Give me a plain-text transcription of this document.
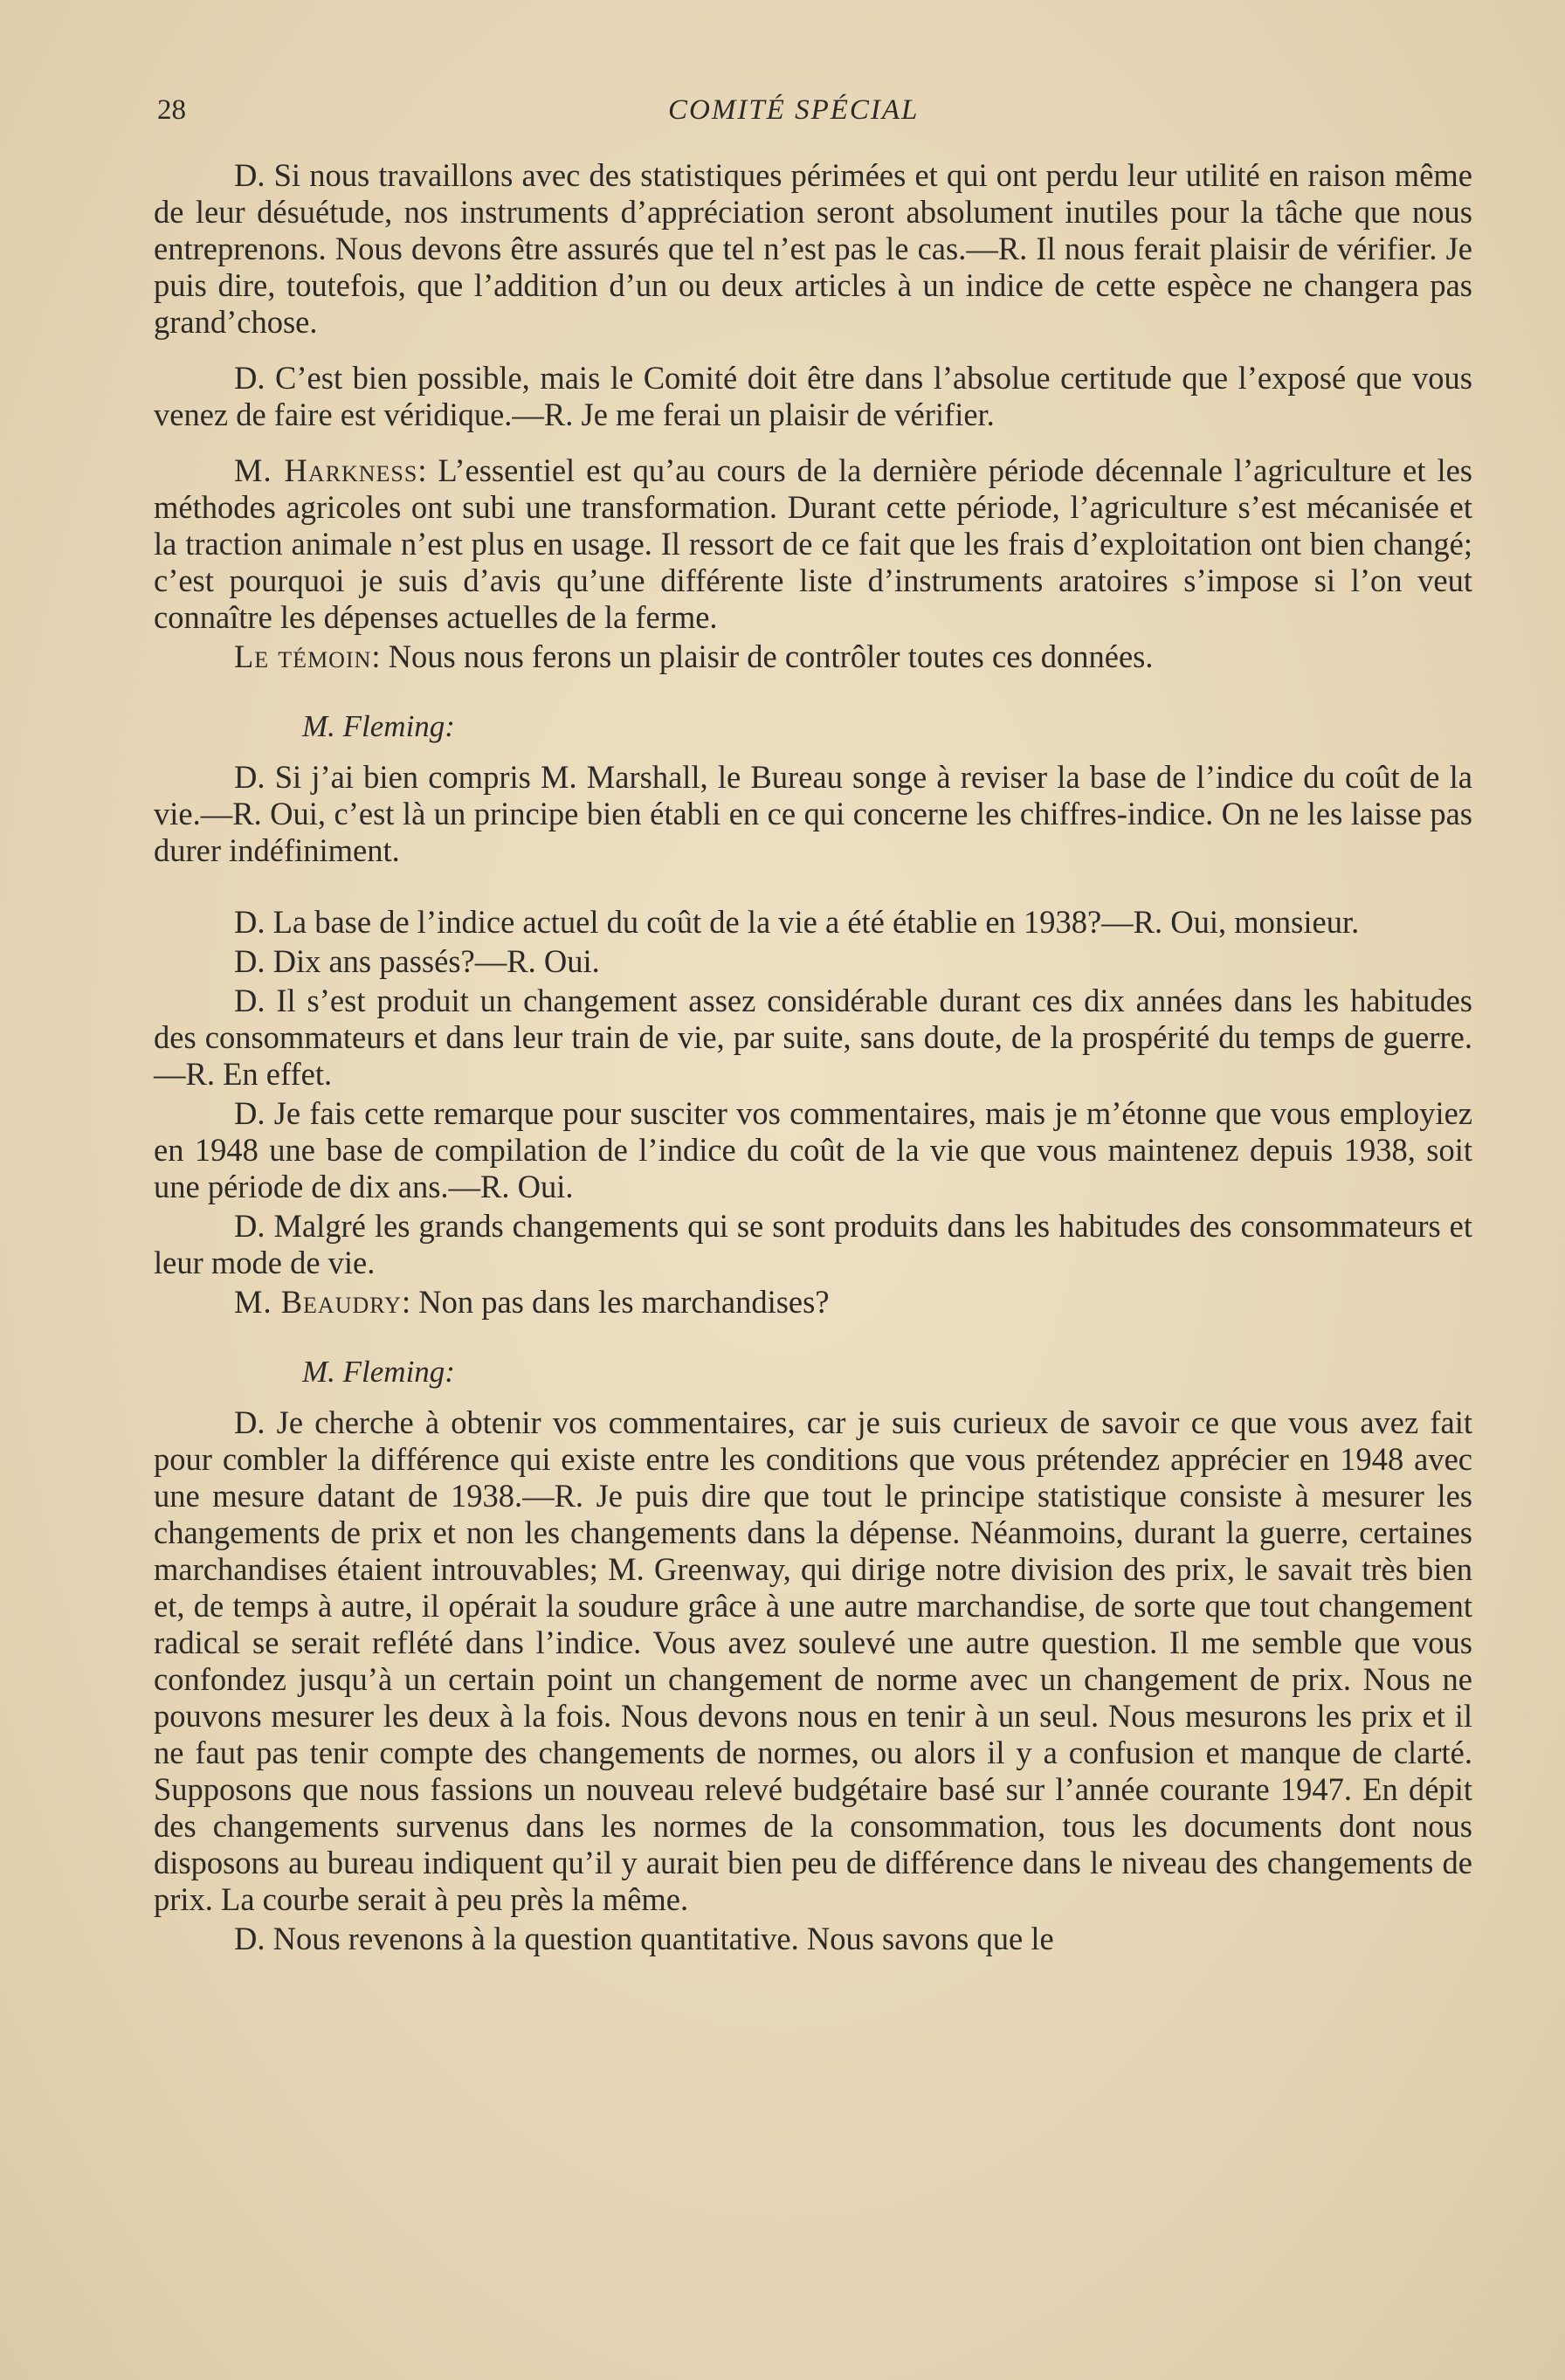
28	COMITÉ SPÉCIAL

D. Si nous travaillons avec des statistiques périmées et qui ont perdu leur utilité en raison même de leur désuétude, nos instruments d’appréciation seront absolument inutiles pour la tâche que nous entreprenons. Nous devons être assurés que tel n’est pas le cas.—R. Il nous ferait plaisir de vérifier. Je puis dire, toutefois, que l’addition d’un ou deux articles à un indice de cette espèce ne changera pas grand’chose.

D. C’est bien possible, mais le Comité doit être dans l’absolue certitude que l’exposé que vous venez de faire est véridique.—R. Je me ferai un plaisir de vérifier.

M. Harkness: L’essentiel est qu’au cours de la dernière période décennale l’agriculture et les méthodes agricoles ont subi une transformation. Durant cette période, l’agriculture s’est mécanisée et la traction animale n’est plus en usage. Il ressort de ce fait que les frais d’exploitation ont bien changé; c’est pourquoi je suis d’avis qu’une différente liste d’instruments aratoires s’impose si l’on veut connaître les dépenses actuelles de la ferme.

Le témoin: Nous nous ferons un plaisir de contrôler toutes ces données.

M. Fleming:

D. Si j’ai bien compris M. Marshall, le Bureau songe à reviser la base de l’indice du coût de la vie.—R. Oui, c’est là un principe bien établi en ce qui concerne les chiffres-indice. On ne les laisse pas durer indéfiniment.

D. La base de l’indice actuel du coût de la vie a été établie en 1938?—R. Oui, monsieur.

D. Dix ans passés?—R. Oui.

D. Il s’est produit un changement assez considérable durant ces dix années dans les habitudes des consommateurs et dans leur train de vie, par suite, sans doute, de la prospérité du temps de guerre.—R. En effet.

D. Je fais cette remarque pour susciter vos commentaires, mais je m’étonne que vous employiez en 1948 une base de compilation de l’indice du coût de la vie que vous maintenez depuis 1938, soit une période de dix ans.—R. Oui.

D. Malgré les grands changements qui se sont produits dans les habitudes des consommateurs et leur mode de vie.

M. Beaudry: Non pas dans les marchandises?

M. Fleming:

D. Je cherche à obtenir vos commentaires, car je suis curieux de savoir ce que vous avez fait pour combler la différence qui existe entre les conditions que vous prétendez apprécier en 1948 avec une mesure datant de 1938.—R. Je puis dire que tout le principe statistique consiste à mesurer les changements de prix et non les changements dans la dépense. Néanmoins, durant la guerre, certaines marchandises étaient introuvables; M. Greenway, qui dirige notre division des prix, le savait très bien et, de temps à autre, il opérait la soudure grâce à une autre marchandise, de sorte que tout changement radical se serait reflété dans l’indice. Vous avez soulevé une autre question. Il me semble que vous confondez jusqu’à un certain point un changement de norme avec un changement de prix. Nous ne pouvons mesurer les deux à la fois. Nous devons nous en tenir à un seul. Nous mesurons les prix et il ne faut pas tenir compte des changements de normes, ou alors il y a confusion et manque de clarté. Supposons que nous fassions un nouveau relevé budgétaire basé sur l’année courante 1947. En dépit des changements survenus dans les normes de la consommation, tous les documents dont nous disposons au bureau indiquent qu’il y aurait bien peu de différence dans le niveau des changements de prix. La courbe serait à peu près la même.

D. Nous revenons à la question quantitative. Nous savons que le
